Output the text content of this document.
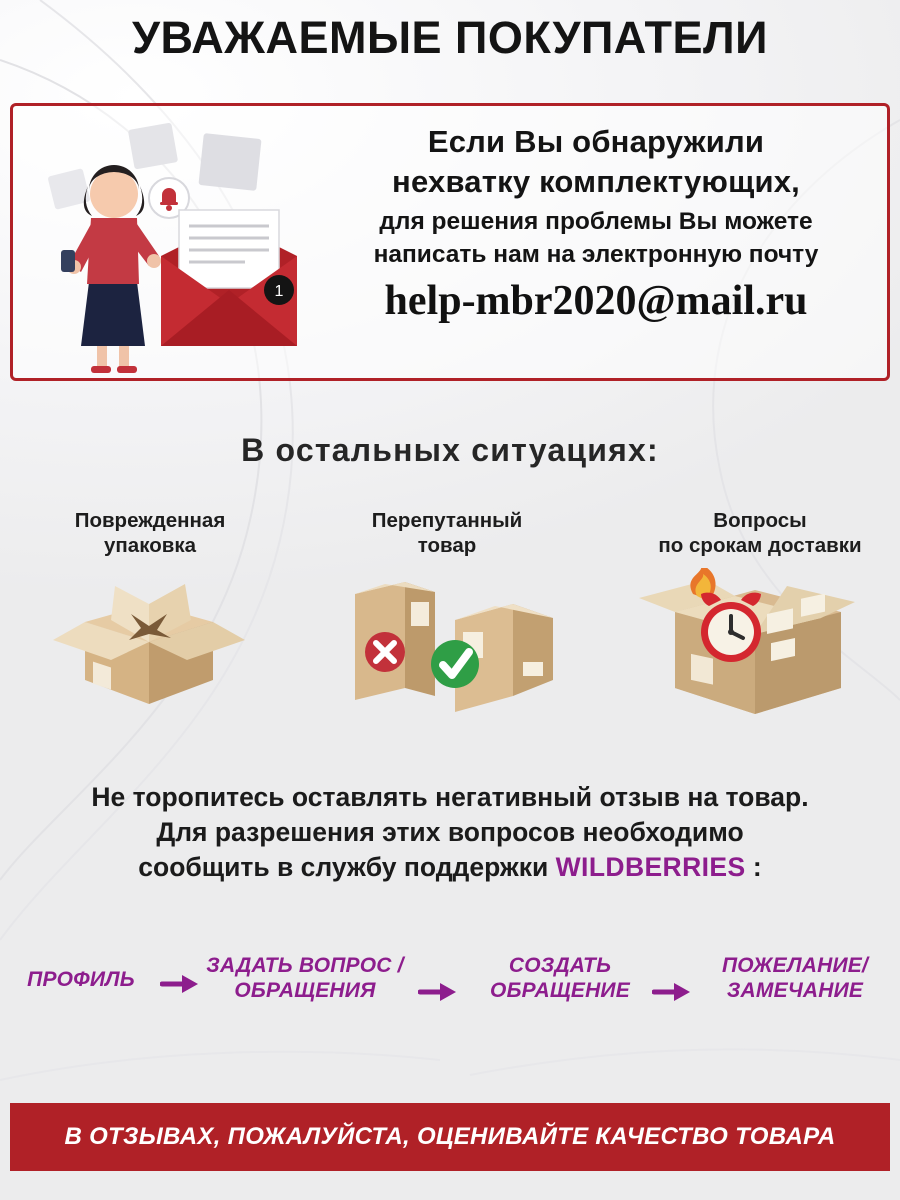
УВАЖАЕМЫЕ ПОКУПАТЕЛИ
1
Если Вы обнаружили
нехватку комплектующих,
для решения проблемы Вы можете
написать нам на электронную почту
help-mbr2020@mail.ru
В остальных ситуациях:
Поврежденная
упаковка
Перепутанный
товар
Вопросы
по срокам доставки
Не торопитесь оставлять негативный отзыв на товар.
Для разрешения этих вопросов необходимо
сообщить в службу поддержки WILDBERRIES :
ПРОФИЛЬ
ЗАДАТЬ ВОПРОС /
ОБРАЩЕНИЯ
СОЗДАТЬ
ОБРАЩЕНИЕ
ПОЖЕЛАНИЕ/
ЗАМЕЧАНИЕ
В ОТЗЫВАХ, ПОЖАЛУЙСТА, ОЦЕНИВАЙТЕ КАЧЕСТВО ТОВАРА
